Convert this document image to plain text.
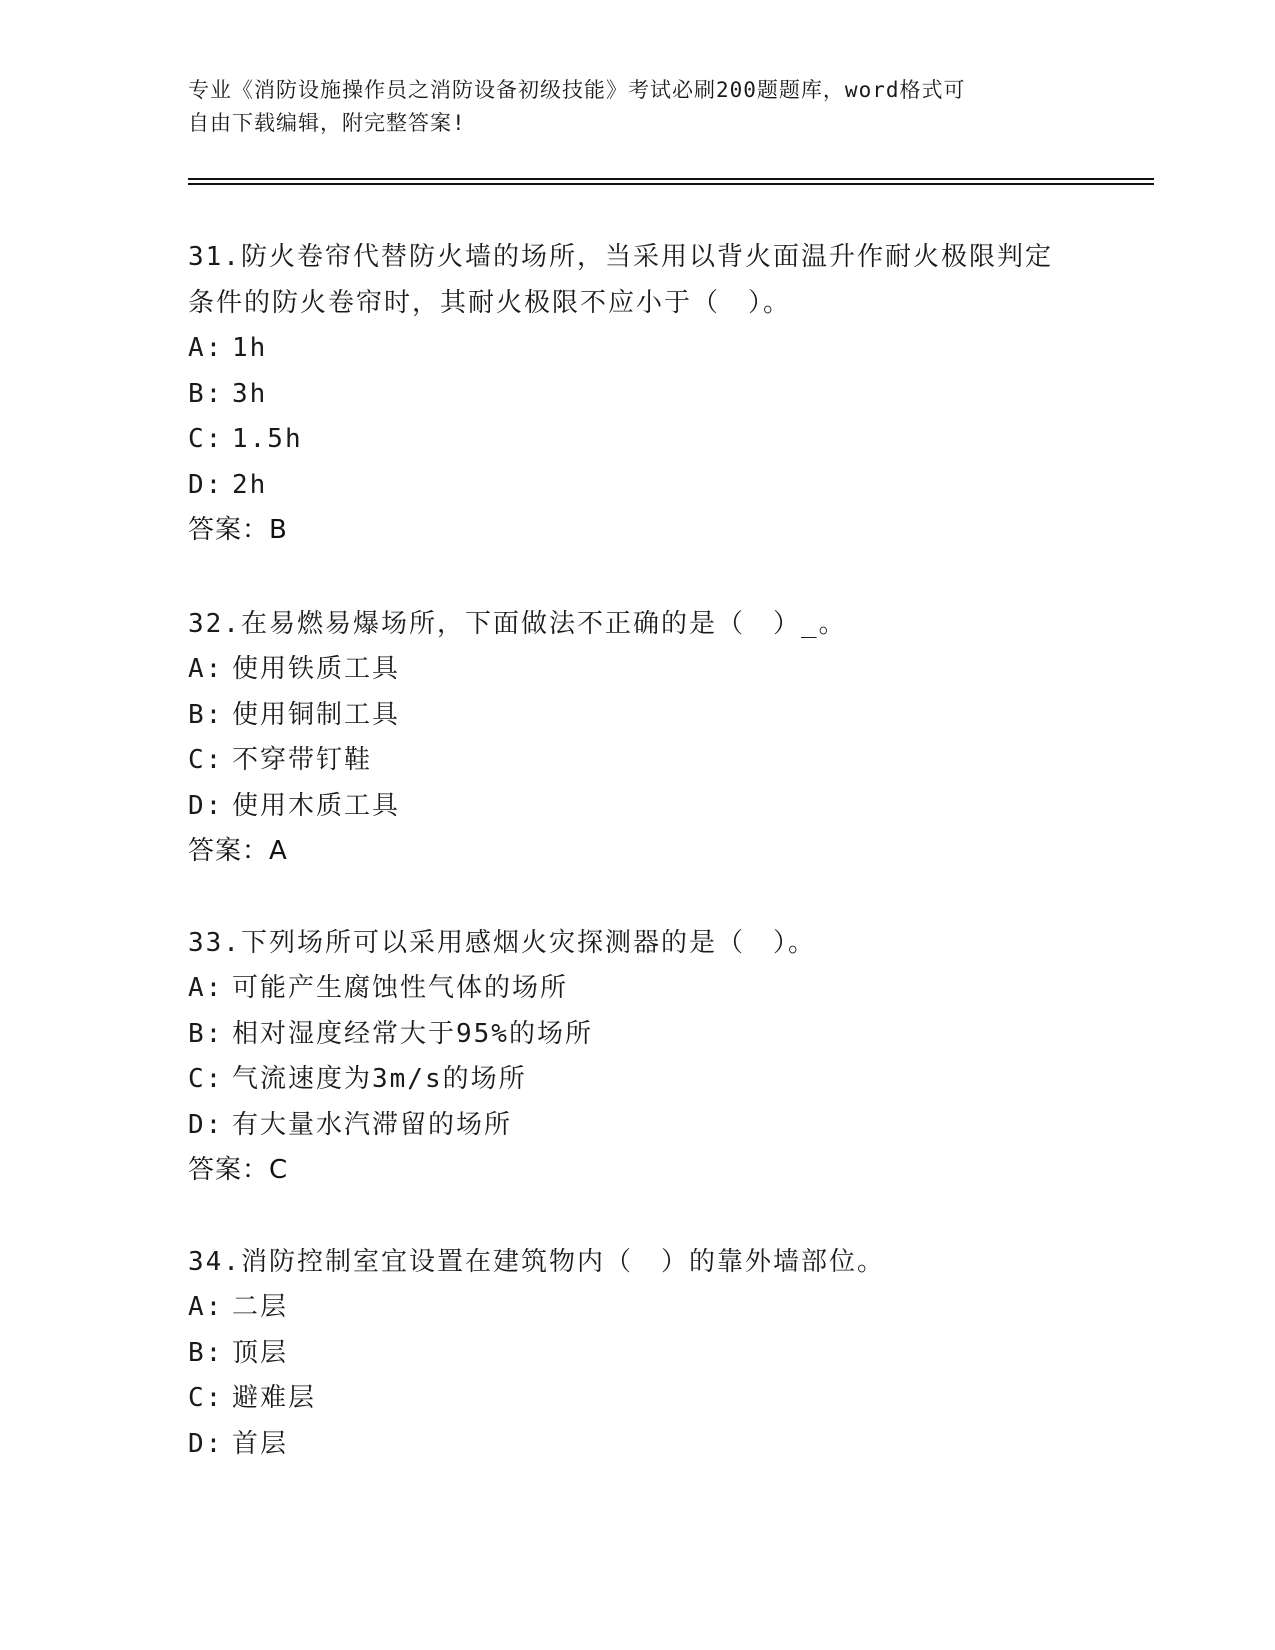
专业《消防设施操作员之消防设备初级技能》考试必刷200题题库，word格式可
自由下载编辑，附完整答案!
31.防火卷帘代替防火墙的场所，当采用以背火面温升作耐火极限判定
条件的防火卷帘时，其耐火极限不应小于（　）。
A: 1h
B: 3h
C: 1.5h
D: 2h
答案：B
32.在易燃易爆场所，下面做法不正确的是（　）_。
A: 使用铁质工具
B: 使用铜制工具
C: 不穿带钉鞋
D: 使用木质工具
答案：A
33.下列场所可以采用感烟火灾探测器的是（　）。
A: 可能产生腐蚀性气体的场所
B: 相对湿度经常大于95%的场所
C: 气流速度为3m/s的场所
D: 有大量水汽滞留的场所
答案：C
34.消防控制室宜设置在建筑物内（　）的靠外墙部位。
A: 二层
B: 顶层
C: 避难层
D: 首层
